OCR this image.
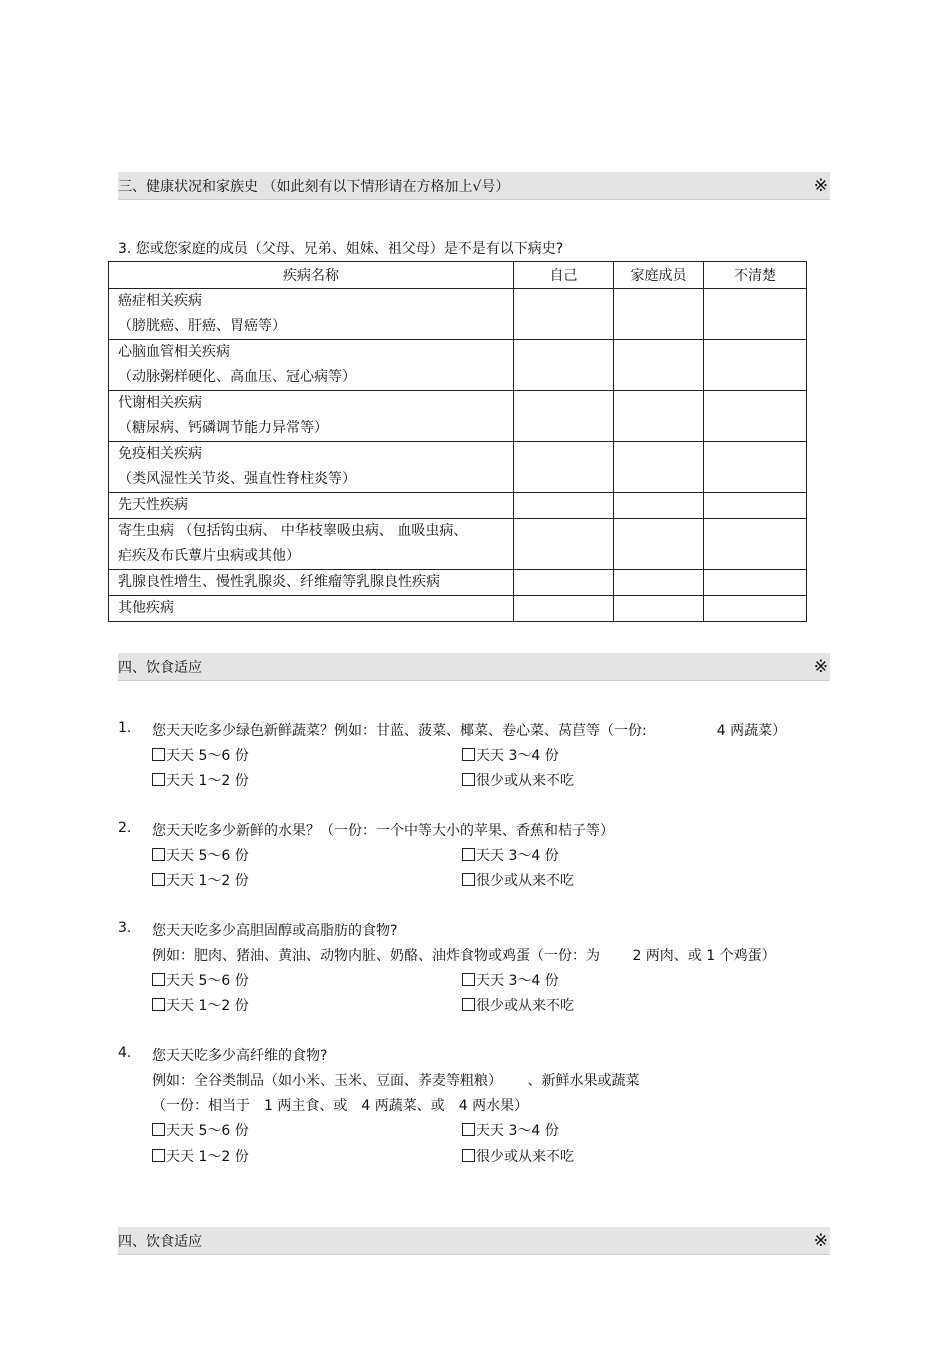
三、健康状况和家族史 （如此刻有以下情形请在方格加上√号）	※
3. 您或您家庭的成员（父母、兄弟、姐妹、祖父母）是不是有以下病史?
疾病名称	自己	家庭成员	不清楚

癌症相关疾病
（膀胱癌、肝癌、胃癌等）			

心脑血管相关疾病
（动脉粥样硬化、高血压、冠心病等）			

代谢相关疾病
（糖尿病、钙磷调节能力异常等）			

免疫相关疾病
（类风湿性关节炎、强直性脊柱炎等）			

先天性疾病			

寄生虫病 （包括钩虫病、 中华枝睾吸虫病、 血吸虫病、
疟疾及布氏蕈片虫病或其他）			

乳腺良性增生、慢性乳腺炎、纤维瘤等乳腺良性疾病			

其他疾病			

四、饮食适应	※
1. 您天天吃多少绿色新鲜蔬菜？例如：甘蓝、菠菜、椰菜、卷心菜、莴苣等（一份:　　　　　4 两蔬菜）
天天 5～6 份	天天 3～4 份
天天 1～2 份	很少或从来不吃
2. 您天天吃多少新鲜的水果？（一份：一个中等大小的苹果、香蕉和桔子等）
天天 5～6 份	天天 3～4 份
天天 1～2 份	很少或从来不吃
3. 您天天吃多少高胆固醇或高脂肪的食物?
例如：肥肉、猪油、黄油、动物内脏、奶酪、油炸食物或鸡蛋（一份：为　　 2 两肉、或 1 个鸡蛋）
天天 5～6 份	天天 3～4 份
天天 1～2 份	很少或从来不吃
4. 您天天吃多少高纤维的食物?
例如：全谷类制品（如小米、玉米、豆面、荞麦等粗粮）　　 、新鲜水果或蔬菜
（一份：相当于　1 两主食、或　4 两蔬菜、或　4 两水果）
天天 5～6 份	天天 3～4 份
天天 1～2 份	很少或从来不吃
四、饮食适应	※
